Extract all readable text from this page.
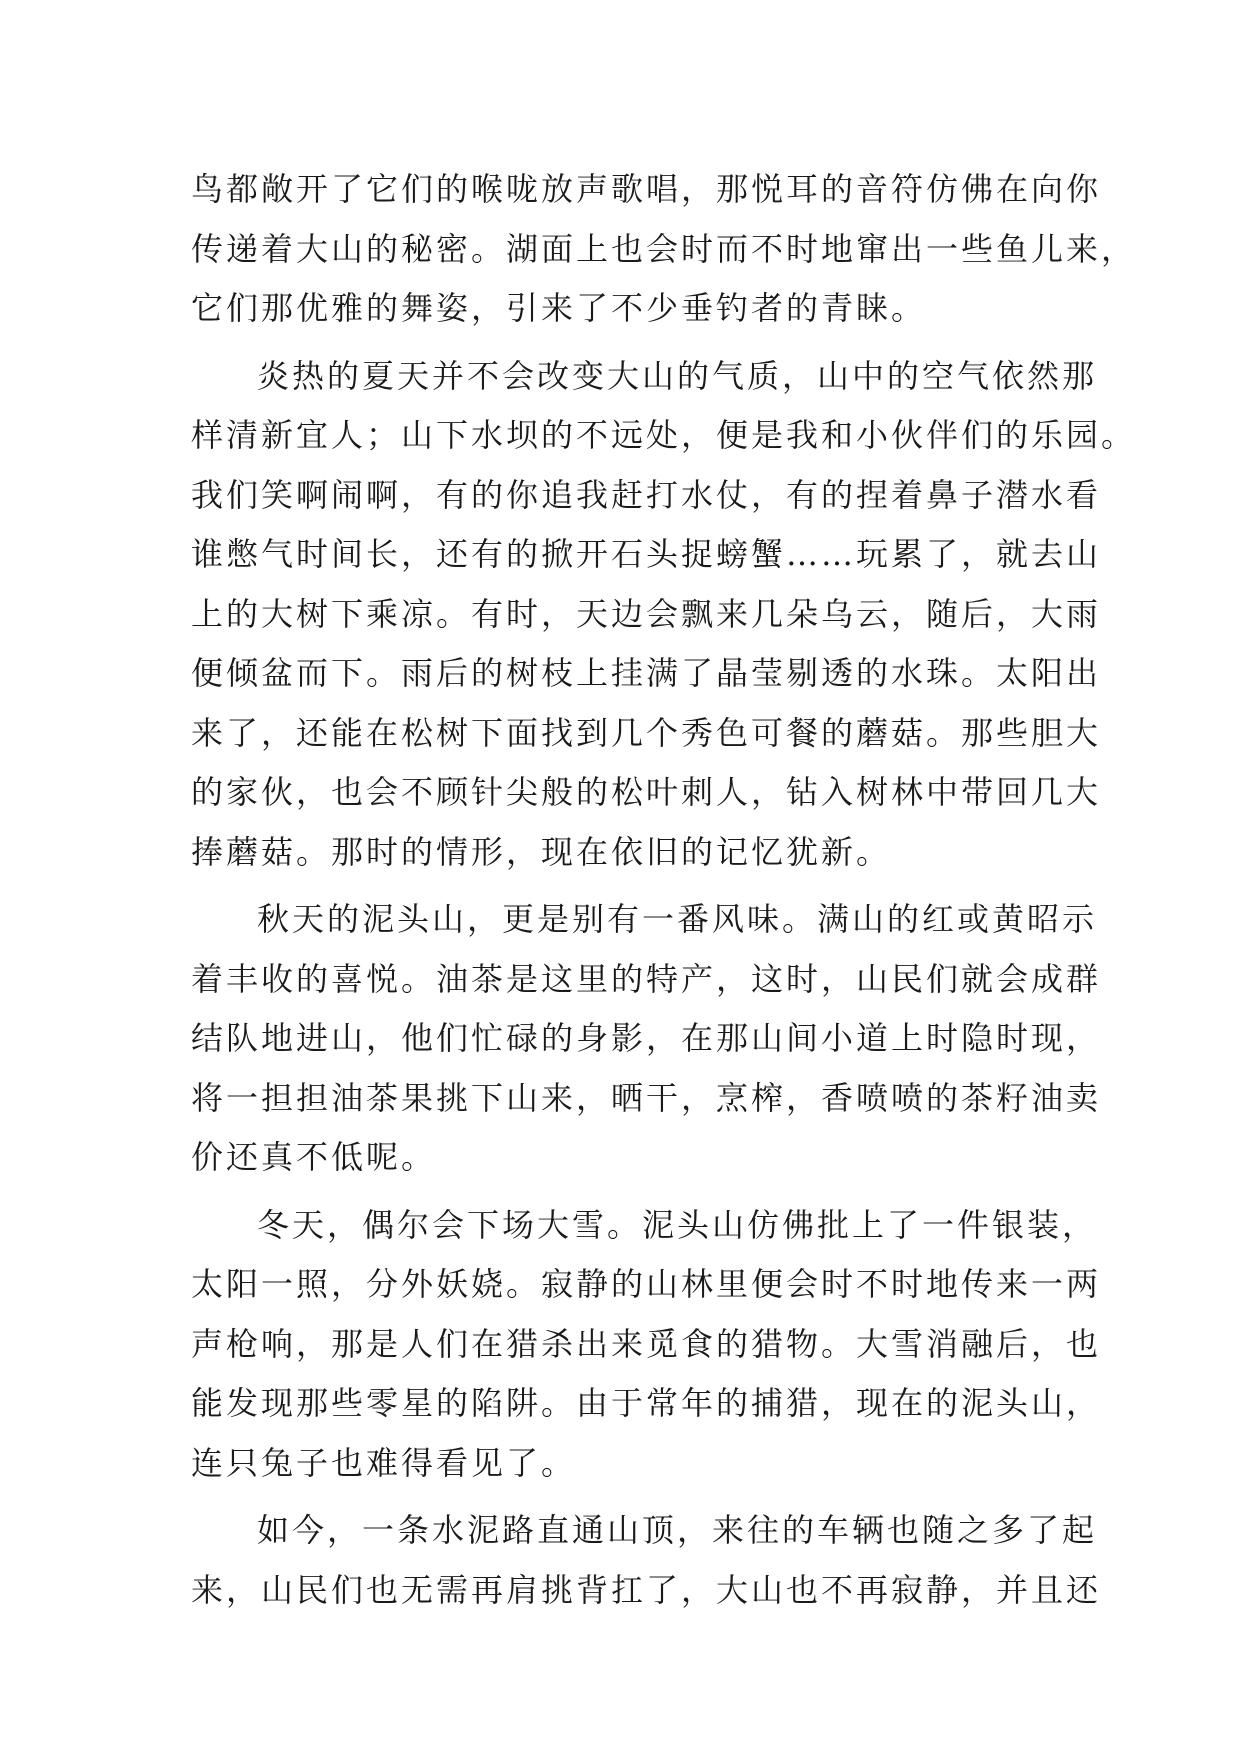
鸟都敞开了它们的喉咙放声歌唱，那悦耳的音符仿佛在向你
传递着大山的秘密。湖面上也会时而不时地窜出一些鱼儿来，
它们那优雅的舞姿，引来了不少垂钓者的青睐。
炎热的夏天并不会改变大山的气质，山中的空气依然那
样清新宜人；山下水坝的不远处，便是我和小伙伴们的乐园。
我们笑啊闹啊，有的你追我赶打水仗，有的捏着鼻子潜水看
谁憋气时间长，还有的掀开石头捉螃蟹……玩累了，就去山
上的大树下乘凉。有时，天边会飘来几朵乌云，随后，大雨
便倾盆而下。雨后的树枝上挂满了晶莹剔透的水珠。太阳出
来了，还能在松树下面找到几个秀色可餐的蘑菇。那些胆大
的家伙，也会不顾针尖般的松叶刺人，钻入树林中带回几大
捧蘑菇。那时的情形，现在依旧的记忆犹新。
秋天的泥头山，更是别有一番风味。满山的红或黄昭示
着丰收的喜悦。油茶是这里的特产，这时，山民们就会成群
结队地进山，他们忙碌的身影，在那山间小道上时隐时现，
将一担担油茶果挑下山来，晒干，烹榨，香喷喷的茶籽油卖
价还真不低呢。
冬天，偶尔会下场大雪。泥头山仿佛批上了一件银装，
太阳一照，分外妖娆。寂静的山林里便会时不时地传来一两
声枪响，那是人们在猎杀出来觅食的猎物。大雪消融后，也
能发现那些零星的陷阱。由于常年的捕猎，现在的泥头山，
连只兔子也难得看见了。
如今，一条水泥路直通山顶，来往的车辆也随之多了起
来，山民们也无需再肩挑背扛了，大山也不再寂静，并且还
